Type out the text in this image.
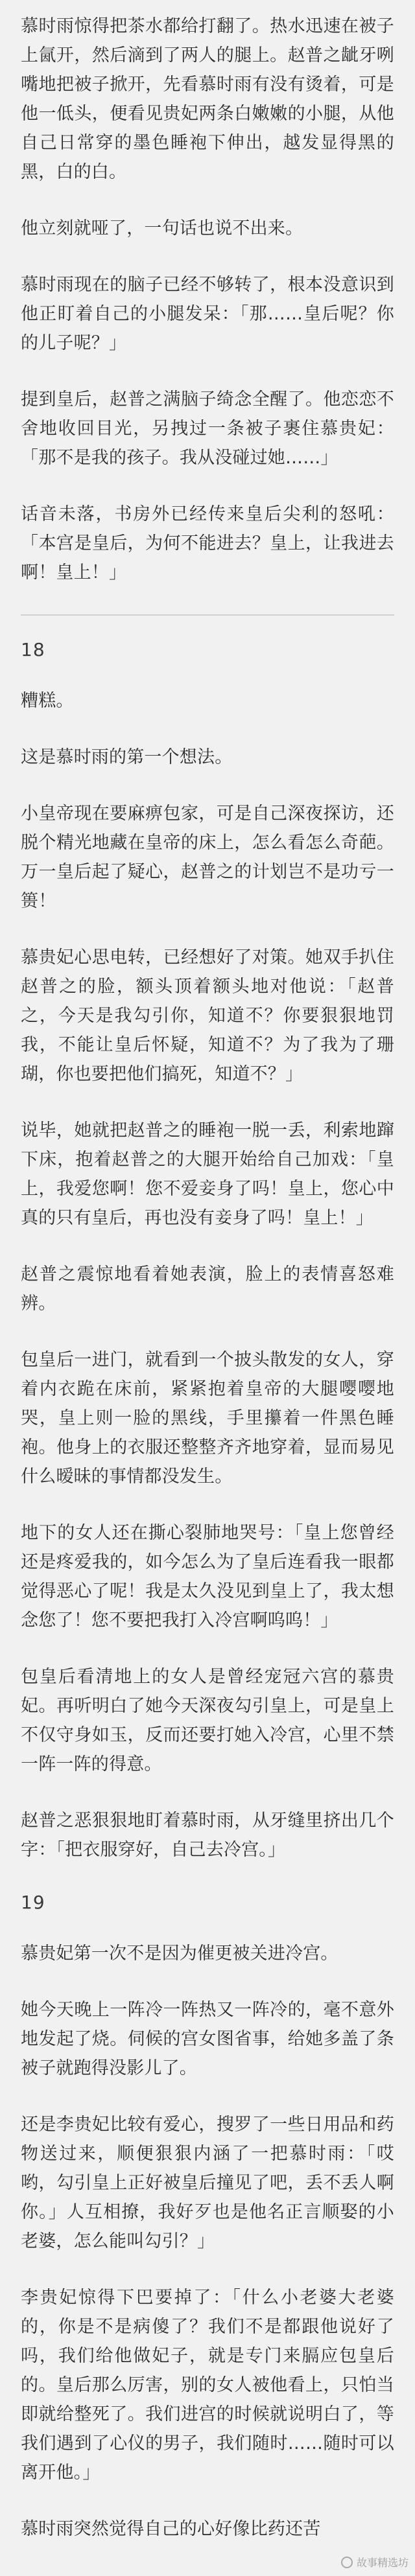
慕时雨惊得把茶水都给打翻了。热水迅速在被子上氤开，然后滴到了两人的腿上。赵普之龇牙咧嘴地把被子掀开，先看慕时雨有没有烫着，可是他一低头，便看见贵妃两条白嫩嫩的小腿，从他自己日常穿的墨色睡袍下伸出，越发显得黑的黑，白的白。
他立刻就哑了，一句话也说不出来。
慕时雨现在的脑子已经不够转了，根本没意识到他正盯着自己的小腿发呆：「那……皇后呢？你的儿子呢？」
提到皇后，赵普之满脑子绮念全醒了。他恋恋不舍地收回目光，另拽过一条被子裹住慕贵妃：「那不是我的孩子。我从没碰过她……」
话音未落，书房外已经传来皇后尖利的怒吼：「本宫是皇后，为何不能进去？皇上，让我进去啊！皇上！」
18
糟糕。
这是慕时雨的第一个想法。
小皇帝现在要麻痹包家，可是自己深夜探访，还脱个精光地藏在皇帝的床上，怎么看怎么奇葩。万一皇后起了疑心，赵普之的计划岂不是功亏一篑！
慕贵妃心思电转，已经想好了对策。她双手扒住赵普之的脸，额头顶着额头地对他说：「赵普之，今天是我勾引你，知道不？你要狠狠地罚我，不能让皇后怀疑，知道不？为了我为了珊瑚，你也要把他们搞死，知道不？」
说毕，她就把赵普之的睡袍一脱一丢，利索地蹿下床，抱着赵普之的大腿开始给自己加戏：「皇上，我爱您啊！您不爱妾身了吗！皇上，您心中真的只有皇后，再也没有妾身了吗！皇上！」
赵普之震惊地看着她表演，脸上的表情喜怒难辨。
包皇后一进门，就看到一个披头散发的女人，穿着内衣跪在床前，紧紧抱着皇帝的大腿嘤嘤地哭，皇上则一脸的黑线，手里攥着一件黑色睡袍。他身上的衣服还整整齐齐地穿着，显而易见什么暧昧的事情都没发生。
地下的女人还在撕心裂肺地哭号：「皇上您曾经还是疼爱我的，如今怎么为了皇后连看我一眼都觉得恶心了呢！我是太久没见到皇上了，我太想念您了！您不要把我打入冷宫啊呜呜！」
包皇后看清地上的女人是曾经宠冠六宫的慕贵妃。再听明白了她今天深夜勾引皇上，可是皇上不仅守身如玉，反而还要打她入冷宫，心里不禁一阵一阵的得意。
赵普之恶狠狠地盯着慕时雨，从牙缝里挤出几个字：「把衣服穿好，自己去冷宫。」
19
慕贵妃第一次不是因为催更被关进冷宫。
她今天晚上一阵冷一阵热又一阵冷的，毫不意外地发起了烧。伺候的宫女图省事，给她多盖了条被子就跑得没影儿了。
还是李贵妃比较有爱心，搜罗了一些日用品和药物送过来，顺便狠狠内涵了一把慕时雨：「哎哟，勾引皇上正好被皇后撞见了吧，丢不丢人啊你。」人互相撩，我好歹也是他名正言顺娶的小老婆，怎么能叫勾引？」
李贵妃惊得下巴要掉了：「什么小老婆大老婆的，你是不是病傻了？我们不是都跟他说好了吗，我们给他做妃子，就是专门来膈应包皇后的。皇后那么厉害，别的女人被他看上，只怕当即就给整死了。我们进宫的时候就说明白了，等我们遇到了心仪的男子，我们随时……随时可以离开他。」
慕时雨突然觉得自己的心好像比药还苦
故事精选坊
